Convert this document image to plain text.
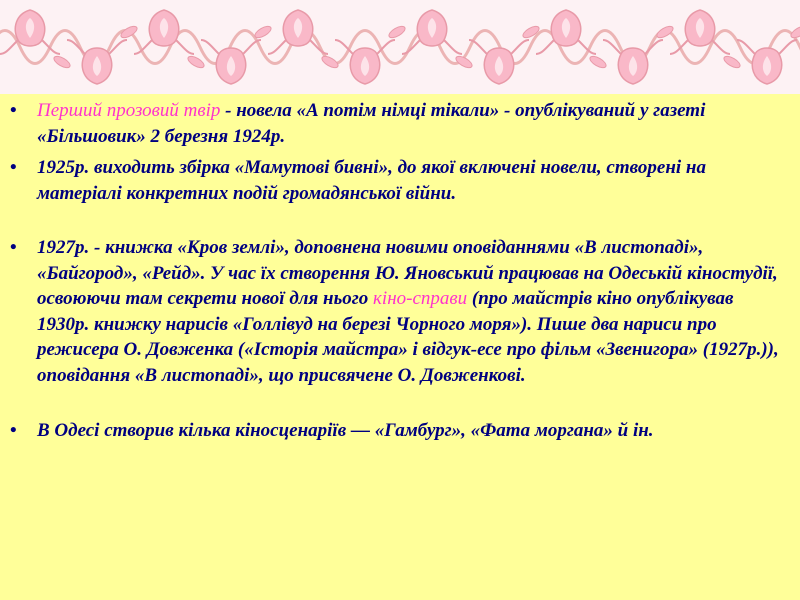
• Перший прозовий твір - новела «А потім німці тікали» - опублікуваний у газеті «Більшовик» 2 березня 1924р.
• 1925р. виходить збірка «Мамутові бивні», до якої включені новели, створені на матеріалі конкретних подій громадянської війни.
• 1927р. - книжка «Кров землі», доповнена новими оповіданнями «В листопаді», «Байгород», «Рейд». У час їх створення Ю. Яновський працював на Одеській кіностудії, освоюючи там секрети нової для нього кіно-справи (про майстрів кіно опублікував 1930р. книжку нарисів «Голлівуд на березі Чорного моря»). Пише два нариси про режисера О. Довженка («Історія майстра» і відгук-есе про фільм «Звенигора» (1927р.)), оповідання «В листопаді», що присвячене О. Довженкові.
• В Одесі створив кілька кіносценаріїв — «Гамбург», «Фата моргана» й ін.
